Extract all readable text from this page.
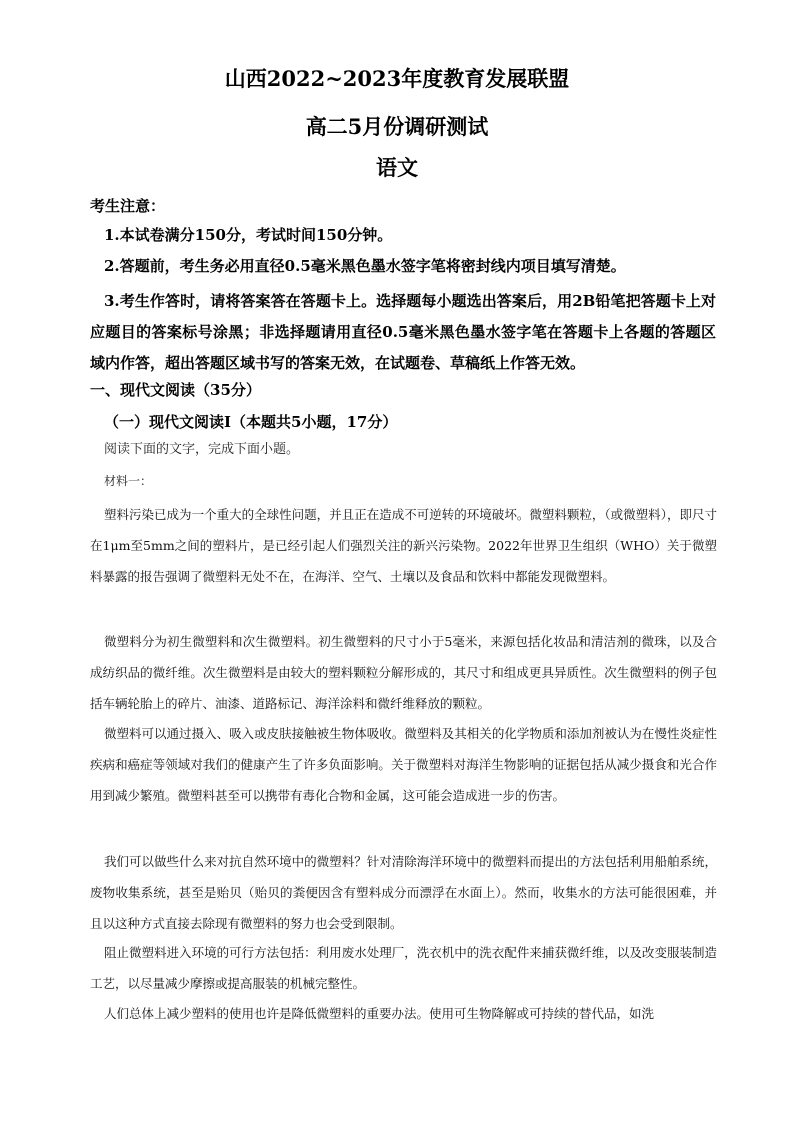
山西2022~2023年度教育发展联盟
高二5月份调研测试
语文
考生注意：
1.本试卷满分150分，考试时间150分钟。
2.答题前，考生务必用直径0.5毫米黑色墨水签字笔将密封线内项目填写清楚。
3.考生作答时，请将答案答在答题卡上。选择题每小题选出答案后，用2B铅笔把答题卡上对应题目的答案标号涂黑；非选择题请用直径0.5毫米黑色墨水签字笔在答题卡上各题的答题区域内作答，超出答题区域书写的答案无效，在试题卷、草稿纸上作答无效。
一、现代文阅读（35分）
（一）现代文阅读Ⅰ（本题共5小题，17分）
阅读下面的文字，完成下面小题。
材料一：
塑料污染已成为一个重大的全球性问题，并且正在造成不可逆转的环境破坏。微塑料颗粒，（或微塑料），即尺寸在1μm至5mm之间的塑料片，是已经引起人们强烈关注的新兴污染物。2022年世界卫生组织（WHO）关于微塑料暴露的报告强调了微塑料无处不在，在海洋、空气、土壤以及食品和饮料中都能发现微塑料。
微塑料分为初生微塑料和次生微塑料。初生微塑料的尺寸小于5毫米，来源包括化妆品和清洁剂的微珠，以及合成纺织品的微纤维。次生微塑料是由较大的塑料颗粒分解形成的，其尺寸和组成更具异质性。次生微塑料的例子包括车辆轮胎上的碎片、油漆、道路标记、海洋涂料和微纤维释放的颗粒。
微塑料可以通过摄入、吸入或皮肤接触被生物体吸收。微塑料及其相关的化学物质和添加剂被认为在慢性炎症性疾病和癌症等领域对我们的健康产生了许多负面影响。关于微塑料对海洋生物影响的证据包括从减少摄食和光合作用到减少繁殖。微塑料甚至可以携带有毒化合物和金属，这可能会造成进一步的伤害。
我们可以做些什么来对抗自然环境中的微塑料？针对清除海洋环境中的微塑料而提出的方法包括利用船舶系统，废物收集系统，甚至是贻贝（贻贝的粪便因含有塑料成分而漂浮在水面上）。然而，收集水的方法可能很困难，并且以这种方式直接去除现有微塑料的努力也会受到限制。
阻止微塑料进入环境的可行方法包括：利用废水处理厂，洗衣机中的洗衣配件来捕获微纤维，以及改变服装制造工艺，以尽量减少摩擦或提高服装的机械完整性。
人们总体上减少塑料的使用也许是降低微塑料的重要办法。使用可生物降解或可持续的替代品，如洗
